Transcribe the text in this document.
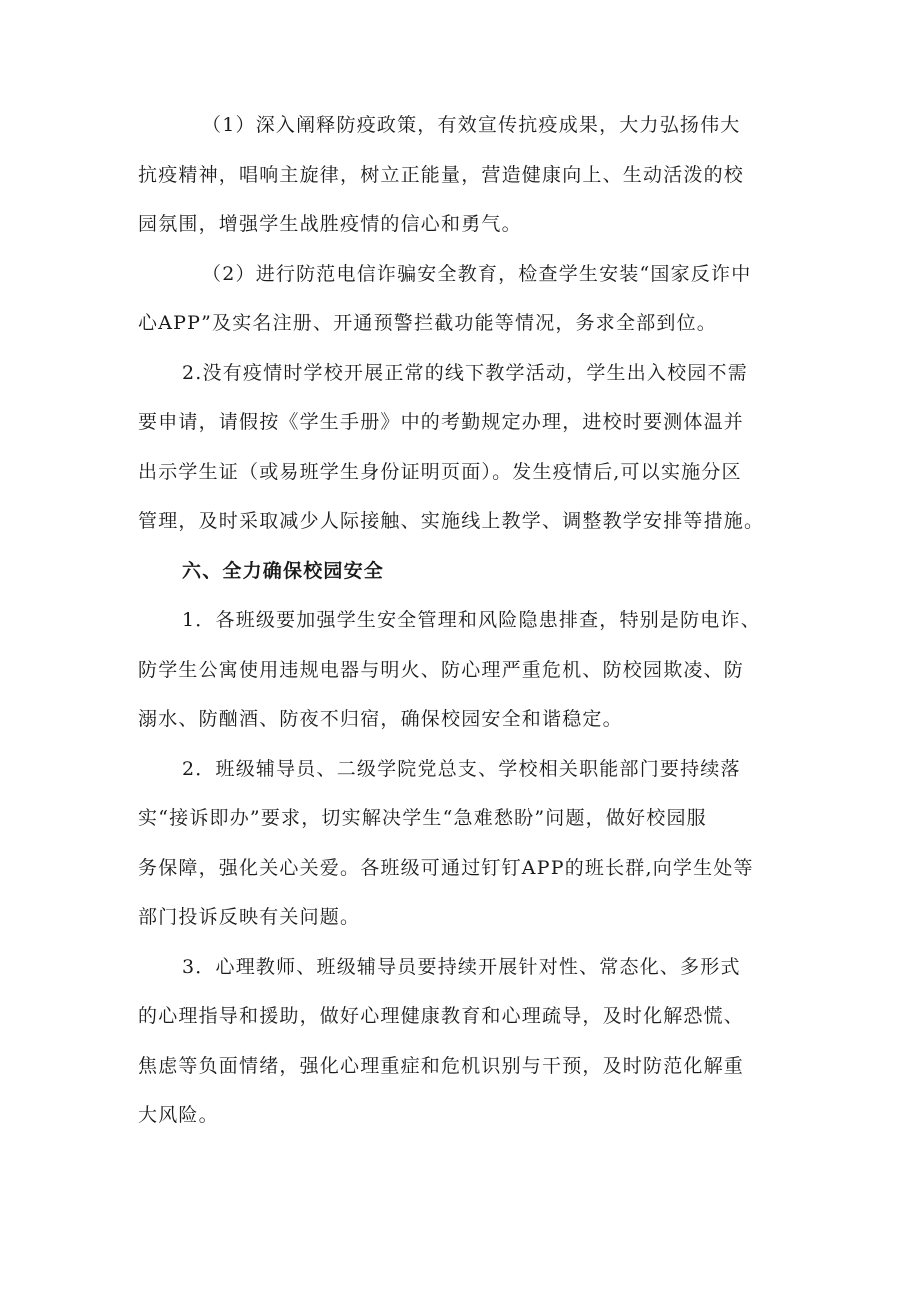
（1）深入阐释防疫政策，有效宣传抗疫成果，大力弘扬伟大
抗疫精神，唱响主旋律，树立正能量，营造健康向上、生动活泼的校
园氛围，增强学生战胜疫情的信心和勇气。
（2）进行防范电信诈骗安全教育，检查学生安装“国家反诈中
心APP”及实名注册、开通预警拦截功能等情况，务求全部到位。
2.没有疫情时学校开展正常的线下教学活动，学生出入校园不需
要申请，请假按《学生手册》中的考勤规定办理，进校时要测体温并
出示学生证（或易班学生身份证明页面）。发生疫情后,可以实施分区
管理，及时采取减少人际接触、实施线上教学、调整教学安排等措施。
六、全力确保校园安全
1．各班级要加强学生安全管理和风险隐患排查，特别是防电诈、
防学生公寓使用违规电器与明火、防心理严重危机、防校园欺凌、防
溺水、防酗酒、防夜不归宿，确保校园安全和谐稳定。
2．班级辅导员、二级学院党总支、学校相关职能部门要持续落
实“接诉即办”要求，切实解决学生“急难愁盼”问题，做好校园服
务保障，强化关心关爱。各班级可通过钉钉APP的班长群,向学生处等
部门投诉反映有关问题。
3．心理教师、班级辅导员要持续开展针对性、常态化、多形式
的心理指导和援助，做好心理健康教育和心理疏导，及时化解恐慌、
焦虑等负面情绪，强化心理重症和危机识别与干预，及时防范化解重
大风险。
